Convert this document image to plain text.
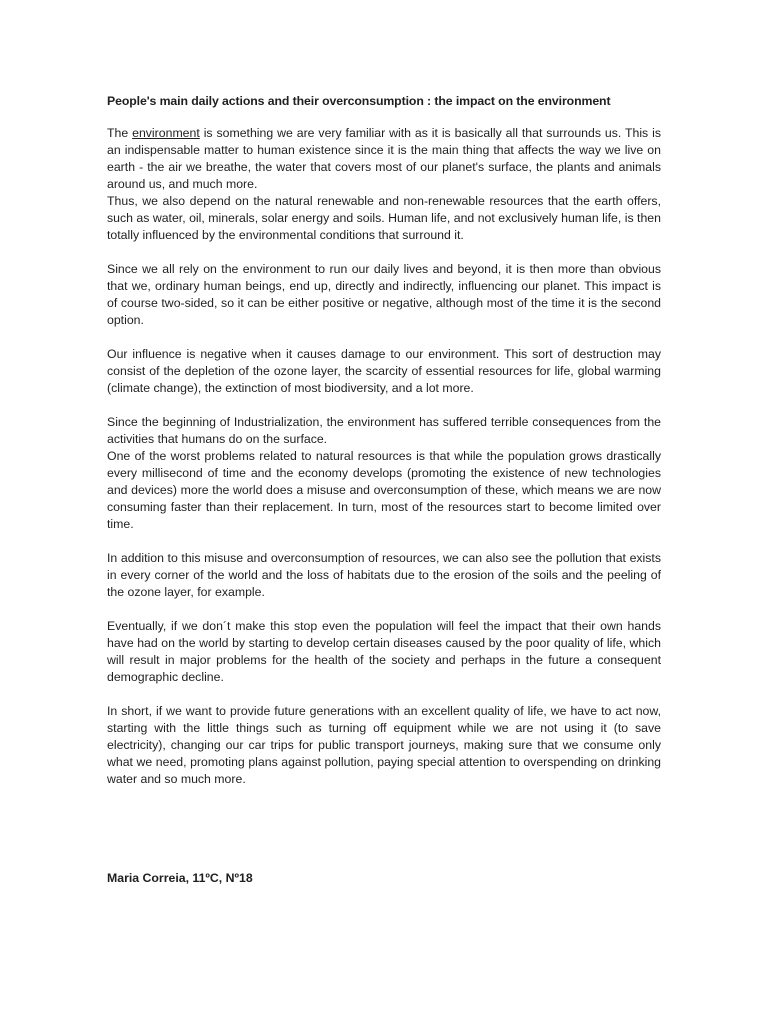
People's main daily actions and their overconsumption : the impact on the environment

The environment is something we are very familiar with as it is basically all that surrounds us. This is an indispensable matter to human existence since it is the main thing that affects the way we live on earth - the air we breathe, the water that covers most of our planet's surface, the plants and animals around us, and much more.

Thus, we also depend on the natural renewable and non-renewable resources that the earth offers, such as water, oil, minerals, solar energy and soils. Human life, and not exclusively human life, is then totally influenced by the environmental conditions that surround it.

Since we all rely on the environment to run our daily lives and beyond, it is then more than obvious that we, ordinary human beings, end up, directly and indirectly, influencing our planet. This impact is of course two-sided, so it can be either positive or negative, although most of the time it is the second option.

Our influence is negative when it causes damage to our environment. This sort of destruction may consist of the depletion of the ozone layer, the scarcity of essential resources for life, global warming (climate change), the extinction of most biodiversity, and a lot more.

Since the beginning of Industrialization, the environment has suffered terrible consequences from the activities that humans do on the surface.

One of the worst problems related to natural resources is that while the population grows drastically every millisecond of time and the economy develops (promoting the existence of new technologies and devices) more the world does a misuse and overconsumption of these, which means we are now consuming faster than their replacement. In turn, most of the resources start to become limited over time.

In addition to this misuse and overconsumption of resources, we can also see the pollution that exists in every corner of the world and the loss of habitats due to the erosion of the soils and the peeling of the ozone layer, for example.

Eventually, if we don´t make this stop even the population will feel the impact that their own hands have had on the world by starting to develop certain diseases caused by the poor quality of life, which will result in major problems for the health of the society and perhaps in the future a consequent demographic decline.

In short, if we want to provide future generations with an excellent quality of life, we have to act now, starting with the little things such as turning off equipment while we are not using it (to save electricity), changing our car trips for public transport journeys, making sure that we consume only what we need, promoting plans against pollution, paying special attention to overspending on drinking water and so much more.

Maria Correia, 11ºC, Nº18
